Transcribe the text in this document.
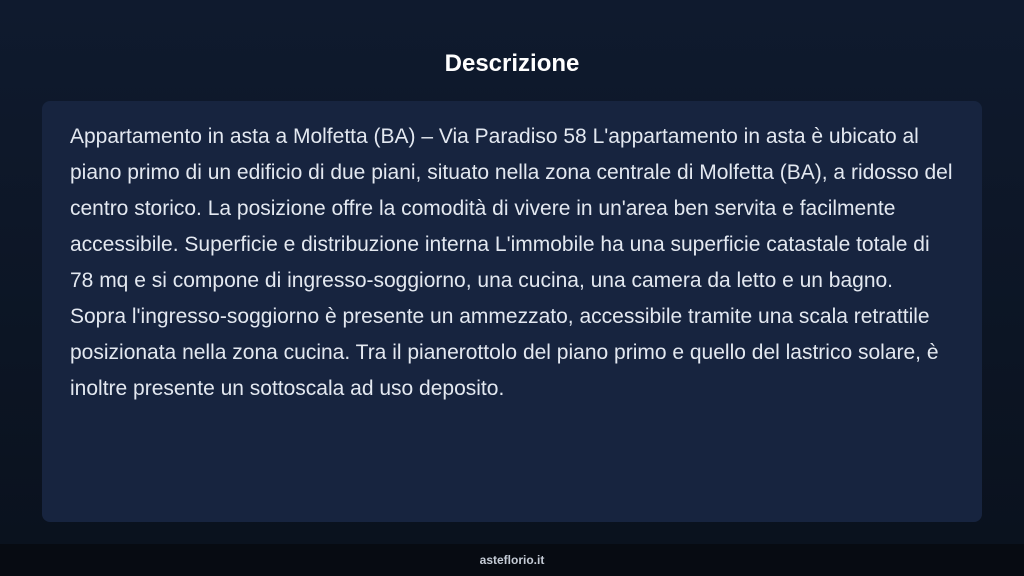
Descrizione

Appartamento in asta a Molfetta (BA) – Via Paradiso 58 L'appartamento in asta è ubicato al piano primo di un edificio di due piani, situato nella zona centrale di Molfetta (BA), a ridosso del centro storico. La posizione offre la comodità di vivere in un'area ben servita e facilmente accessibile. Superficie e distribuzione interna L'immobile ha una superficie catastale totale di 78 mq e si compone di ingresso-soggiorno, una cucina, una camera da letto e un bagno. Sopra l'ingresso-soggiorno è presente un ammezzato, accessibile tramite una scala retrattile posizionata nella zona cucina. Tra il pianerottolo del piano primo e quello del lastrico solare, è inoltre presente un sottoscala ad uso deposito.

asteflorio.it
